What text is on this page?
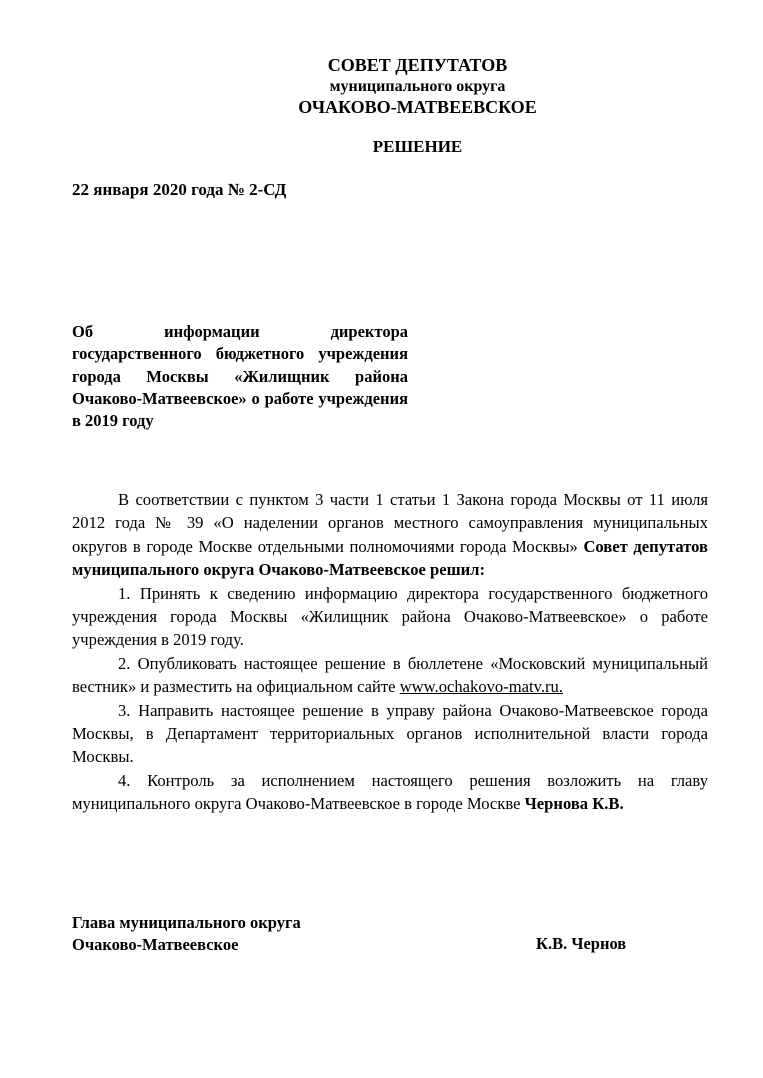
СОВЕТ ДЕПУТАТОВ
муниципального округа
ОЧАКОВО-МАТВЕЕВСКОЕ
РЕШЕНИЕ
22 января 2020 года № 2-СД
Об информации директора государственного бюджетного учреждения города Москвы «Жилищник района Очаково-Матвеевское» о работе учреждения в 2019 году

В соответствии с пунктом 3 части 1 статьи 1 Закона города Москвы от 11 июля 2012 года № 39 «О наделении органов местного самоуправления муниципальных округов в городе Москве отдельными полномочиями города Москвы» Совет депутатов муниципального округа Очаково-Матвеевское решил:

1. Принять к сведению информацию директора государственного бюджетного учреждения города Москвы «Жилищник района Очаково-Матвеевское» о работе учреждения в 2019 году.

2. Опубликовать настоящее решение в бюллетене «Московский муниципальный вестник» и разместить на официальном сайте www.ochakovo-matv.ru.

3. Направить настоящее решение в управу района Очаково-Матвеевское города Москвы, в Департамент территориальных органов исполнительной власти города Москвы.

4. Контроль за исполнением настоящего решения возложить на главу муниципального округа Очаково-Матвеевское в городе Москве Чернова К.В.

Глава муниципального округа
Очаково-Матвеевское	К.В. Чернов
